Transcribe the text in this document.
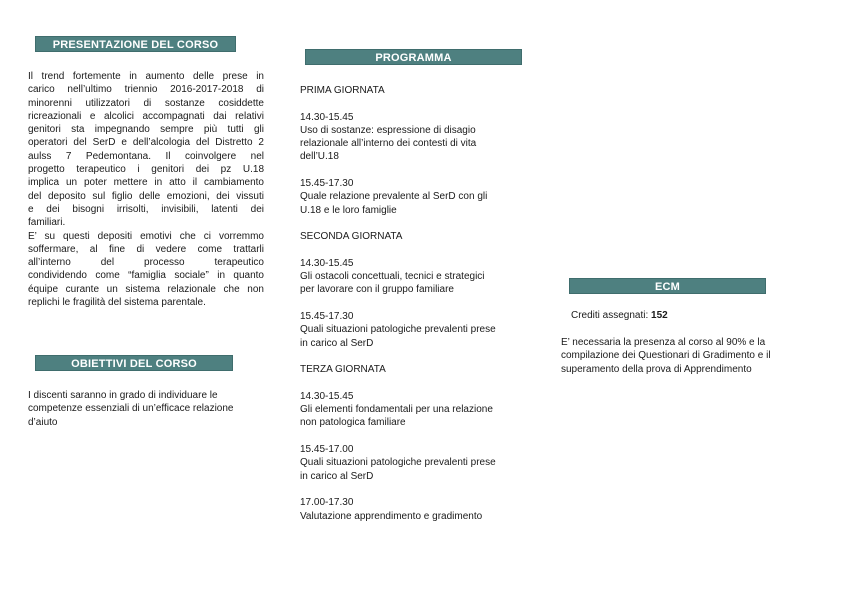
PRESENTAZIONE DEL CORSO
Il trend fortemente in aumento delle prese in
carico nell’ultimo triennio 2016-2017-2018 di
minorenni utilizzatori di sostanze cosiddette
ricreazionali e alcolici accompagnati dai relativi
genitori sta impegnando sempre più tutti gli
operatori del SerD e dell’alcologia del Distretto 2
aulss 7 Pedemontana. Il coinvolgere nel
progetto terapeutico i genitori dei pz U.18
implica un poter mettere in atto il cambiamento
del deposito sul figlio delle emozioni, dei vissuti
e dei bisogni irrisolti, invisibili, latenti dei
familiari.
E’ su questi depositi emotivi che ci vorremmo
soffermare, al fine di vedere come trattarli
all’interno del processo terapeutico
condividendo come “famiglia sociale” in quanto
équipe curante un sistema relazionale che non
replichi le fragilità del sistema parentale.
OBIETTIVI DEL CORSO
I discenti saranno in grado di individuare le
competenze essenziali di un’efficace relazione
d’aiuto
PROGRAMMA
PRIMA GIORNATA
14.30-15.45
Uso di sostanze: espressione di disagio
relazionale all’interno dei contesti di vita
dell’U.18
15.45-17.30
Quale relazione prevalente al SerD con gli
U.18 e le loro famiglie
SECONDA GIORNATA
14.30-15.45
Gli ostacoli concettuali, tecnici e strategici
per lavorare con il gruppo familiare
15.45-17.30
Quali situazioni patologiche prevalenti prese
in carico al SerD
TERZA GIORNATA
14.30-15.45
Gli elementi fondamentali per una relazione
non patologica familiare
15.45-17.00
Quali situazioni patologiche prevalenti prese
in carico al SerD
17.00-17.30
Valutazione apprendimento e gradimento
ECM
Crediti assegnati: 152
E’ necessaria la presenza al corso al 90% e la
compilazione dei Questionari di Gradimento e il
superamento della prova di Apprendimento
